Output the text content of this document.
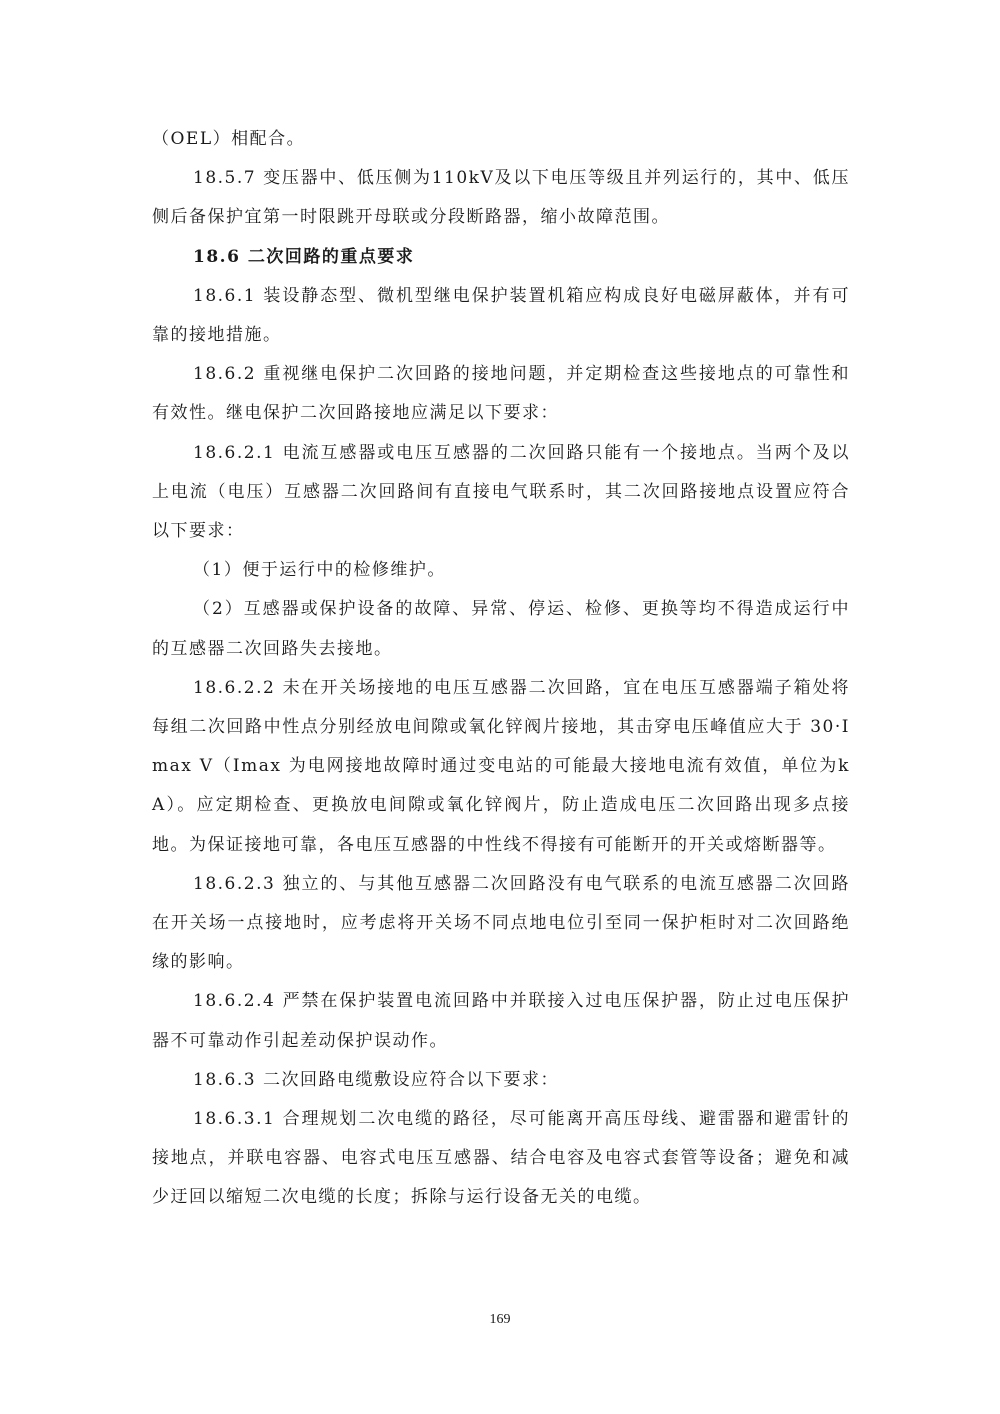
（OEL）相配合。

18.5.7 变压器中、低压侧为110kV及以下电压等级且并列运行的，其中、低压侧后备保护宜第一时限跳开母联或分段断路器，缩小故障范围。

18.6 二次回路的重点要求

18.6.1 装设静态型、微机型继电保护装置机箱应构成良好电磁屏蔽体，并有可靠的接地措施。

18.6.2 重视继电保护二次回路的接地问题，并定期检查这些接地点的可靠性和有效性。继电保护二次回路接地应满足以下要求：

18.6.2.1 电流互感器或电压互感器的二次回路只能有一个接地点。当两个及以上电流（电压）互感器二次回路间有直接电气联系时，其二次回路接地点设置应符合以下要求：

（1）便于运行中的检修维护。

（2）互感器或保护设备的故障、异常、停运、检修、更换等均不得造成运行中的互感器二次回路失去接地。

18.6.2.2 未在开关场接地的电压互感器二次回路，宜在电压互感器端子箱处将每组二次回路中性点分别经放电间隙或氧化锌阀片接地，其击穿电压峰值应大于 30·Imax V（Imax 为电网接地故障时通过变电站的可能最大接地电流有效值，单位为kA）。应定期检查、更换放电间隙或氧化锌阀片，防止造成电压二次回路出现多点接地。为保证接地可靠，各电压互感器的中性线不得接有可能断开的开关或熔断器等。

18.6.2.3 独立的、与其他互感器二次回路没有电气联系的电流互感器二次回路在开关场一点接地时，应考虑将开关场不同点地电位引至同一保护柜时对二次回路绝缘的影响。

18.6.2.4 严禁在保护装置电流回路中并联接入过电压保护器，防止过电压保护器不可靠动作引起差动保护误动作。

18.6.3 二次回路电缆敷设应符合以下要求：

18.6.3.1 合理规划二次电缆的路径，尽可能离开高压母线、避雷器和避雷针的接地点，并联电容器、电容式电压互感器、结合电容及电容式套管等设备；避免和减少迂回以缩短二次电缆的长度；拆除与运行设备无关的电缆。

169
